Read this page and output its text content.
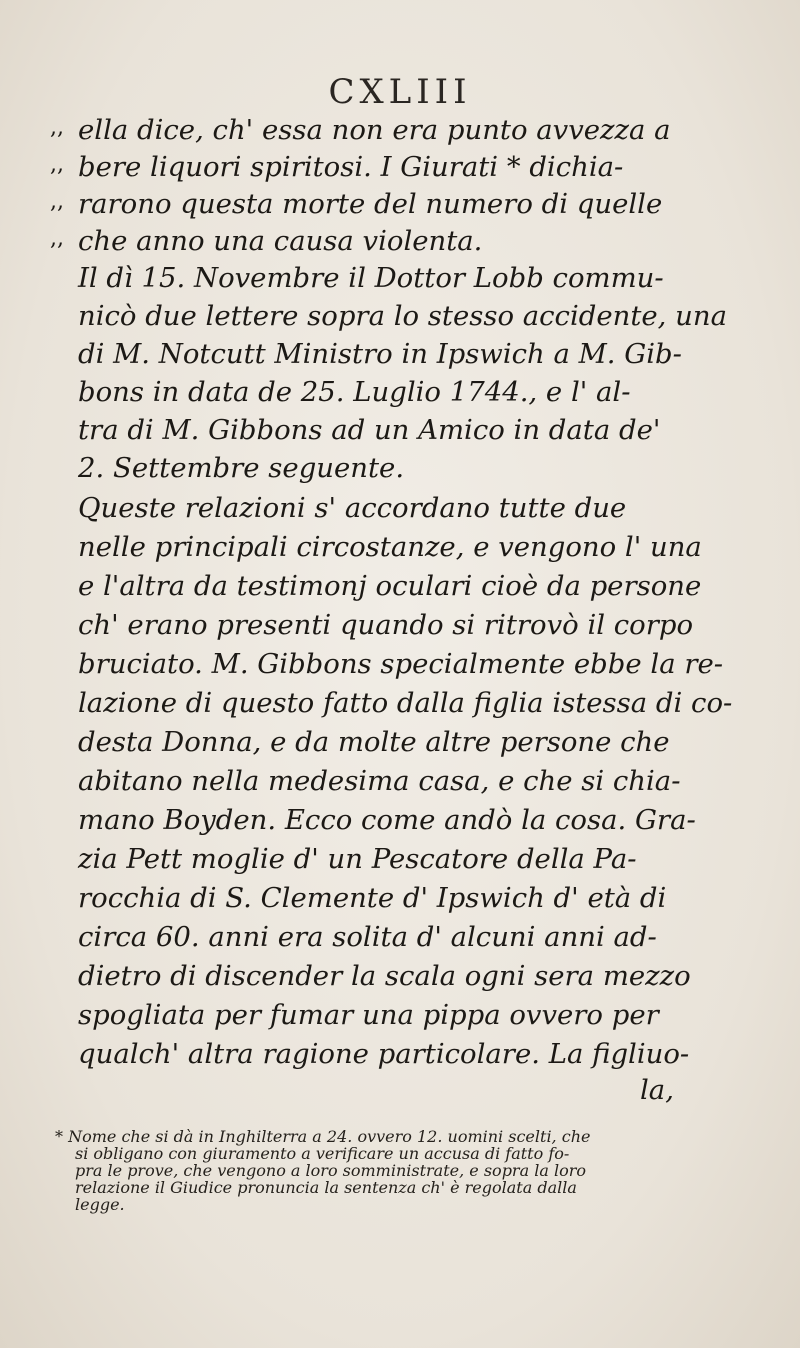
CXLIII
,, ella dice, ch' essa non era punto avvezza a
,, bere liquori spiritosi. I Giurati * dichia-
,, rarono questa morte del numero di quelle
,, che anno una causa violenta.
Il dì 15. Novembre il Dottor Lobb commu-
nicò due lettere sopra lo stesso accidente, una
di M. Notcutt Ministro in Ipswich a M. Gib-
bons in data de 25. Luglio 1744., e l' al-
tra di M. Gibbons ad un Amico in data de'
2. Settembre seguente.
Queste relazioni s' accordano tutte due
nelle principali circostanze, e vengono l' una
e l'altra da testimonj oculari cioè da persone
ch' erano presenti quando si ritrovò il corpo
bruciato. M. Gibbons specialmente ebbe la re-
lazione di questo fatto dalla figlia istessa di co-
desta Donna, e da molte altre persone che
abitano nella medesima casa, e che si chia-
mano Boyden. Ecco come andò la cosa. Gra-
zia Pett moglie d' un Pescatore della Pa-
rocchia di S. Clemente d' Ipswich d' età di
circa 60. anni era solita d' alcuni anni ad-
dietro di discender la scala ogni sera mezzo
spogliata per fumar una pippa ovvero per
qualch' altra ragione particolare. La figliuo-
la,
* Nome che si dà in Inghilterra a 24. ovvero 12. uomini scelti, che
si obligano con giuramento a verificare un accusa di fatto fo-
pra le prove, che vengono a loro somministrate, e sopra la loro
relazione il Giudice pronuncia la sentenza ch' è regolata dalla
legge.
